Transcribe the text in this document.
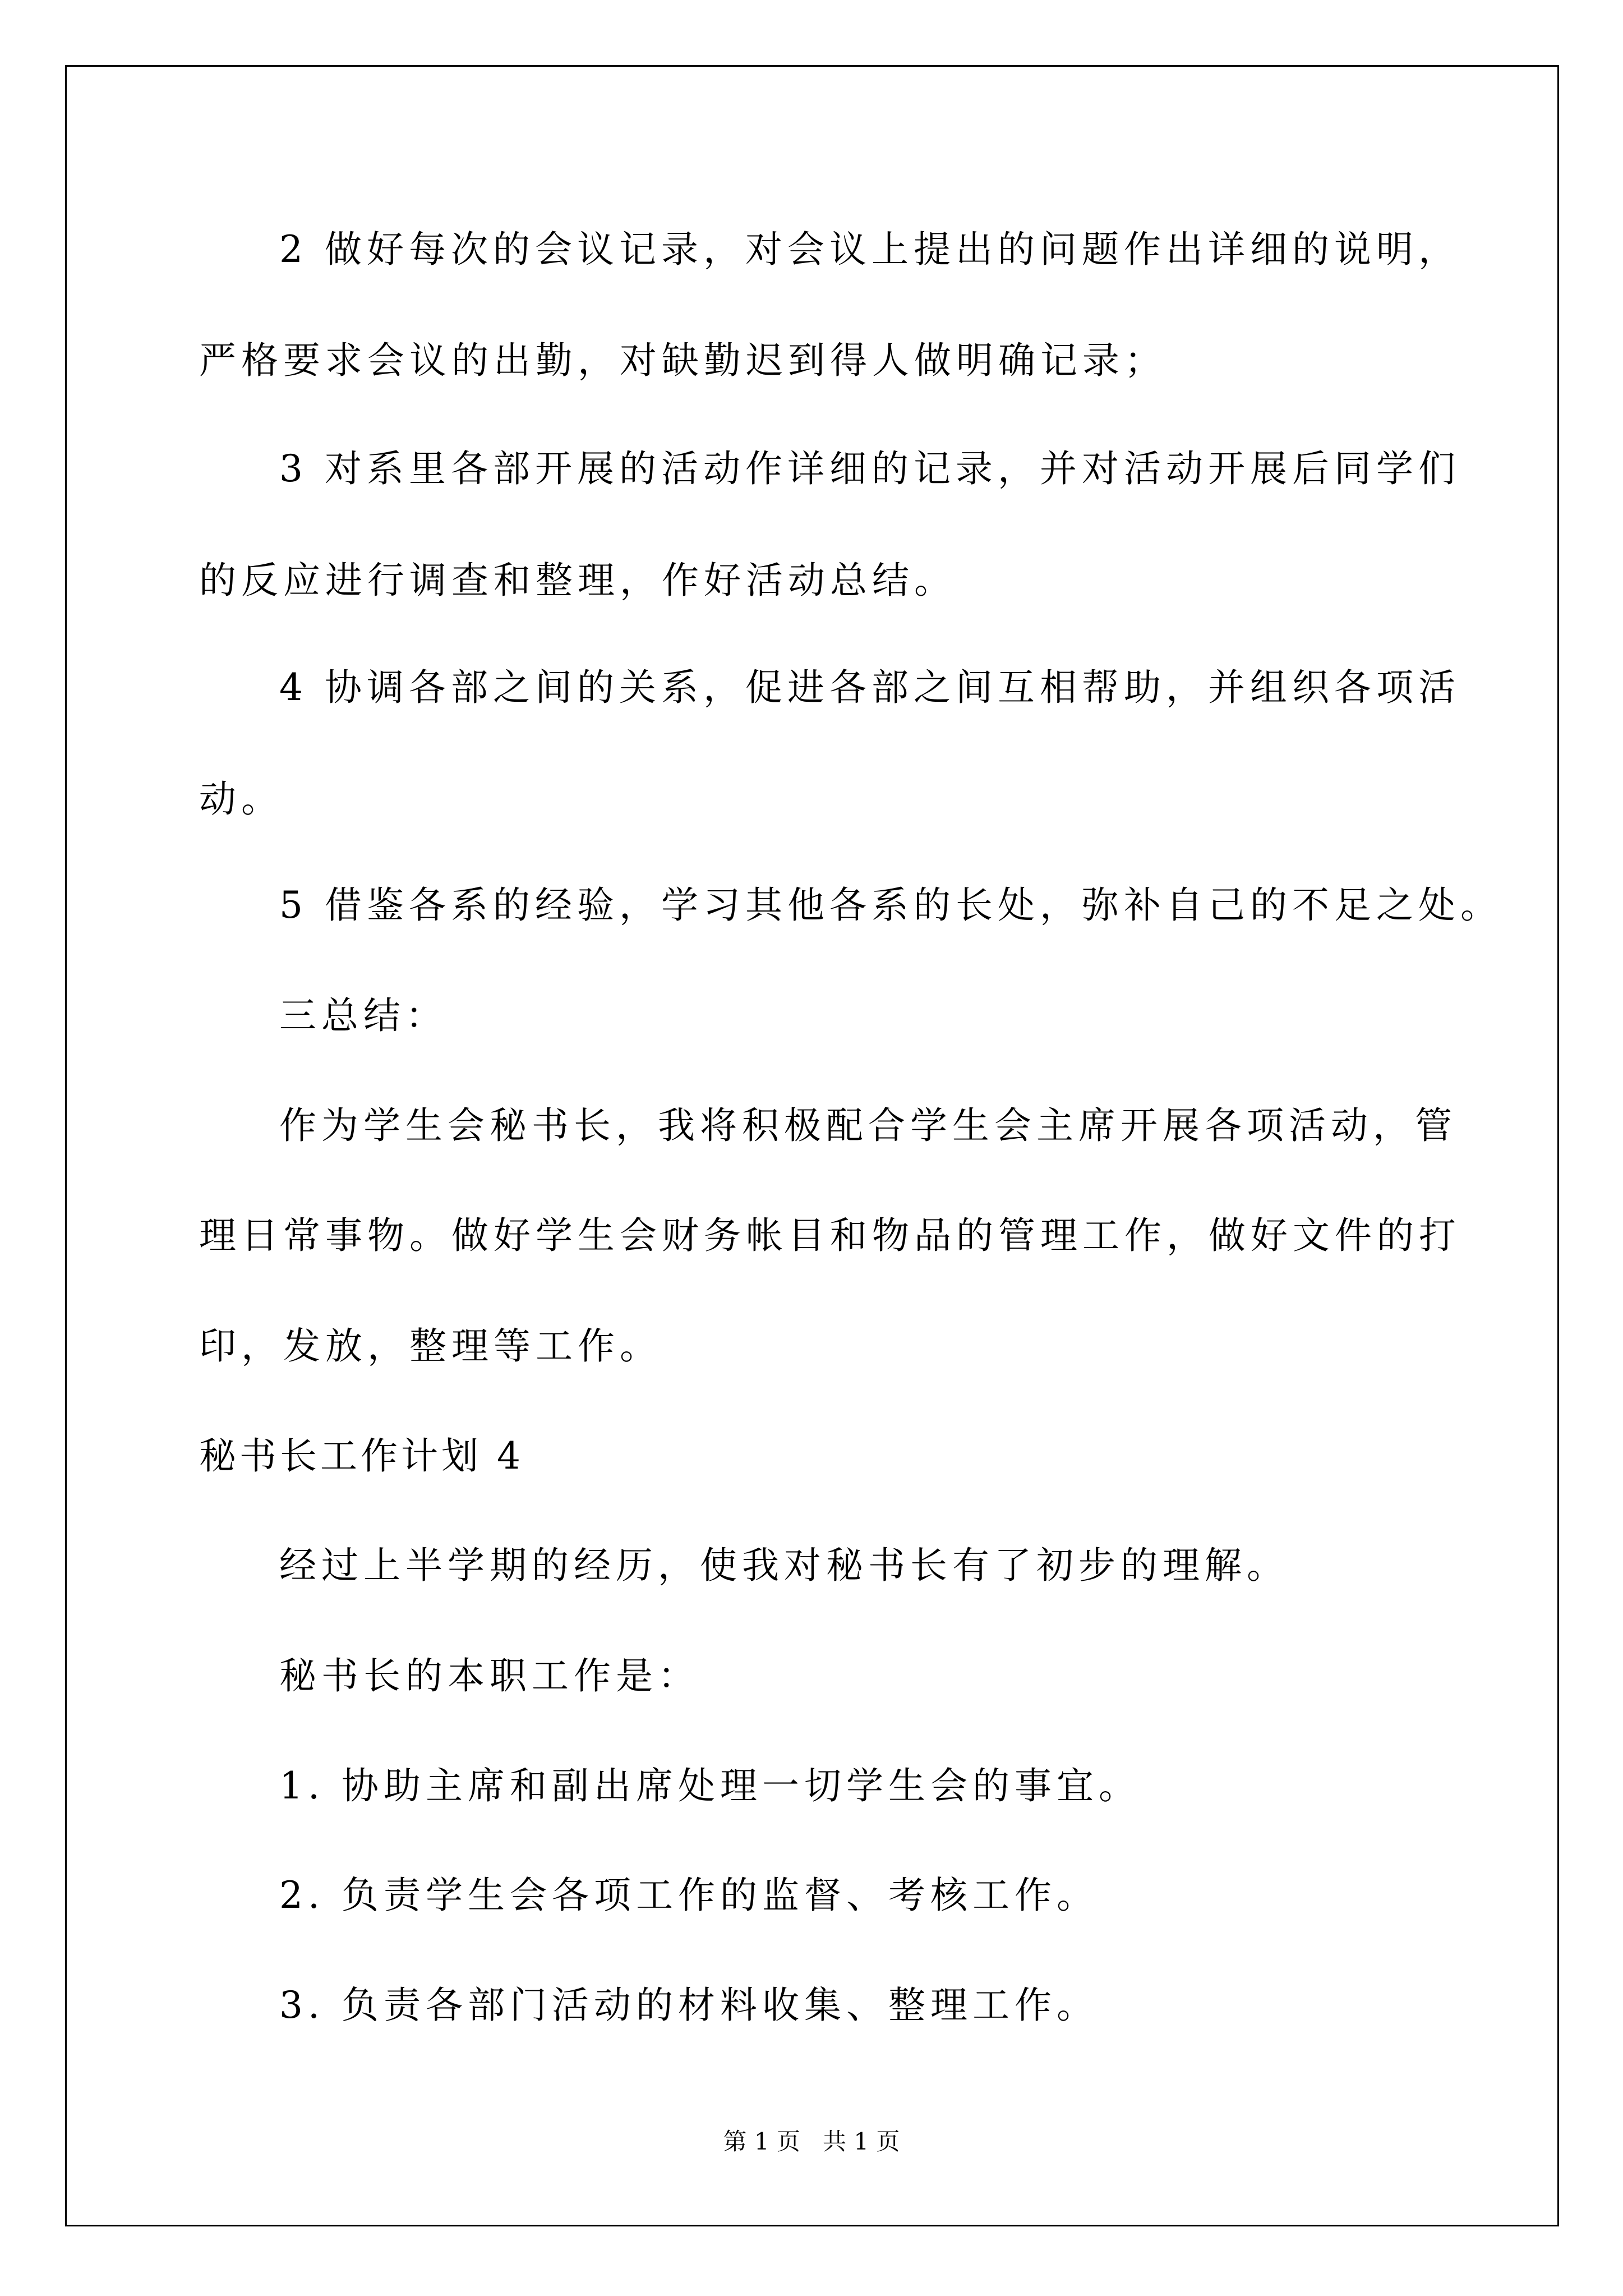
2 做好每次的会议记录，对会议上提出的问题作出详细的说明，
严格要求会议的出勤，对缺勤迟到得人做明确记录；
3 对系里各部开展的活动作详细的记录，并对活动开展后同学们
的反应进行调查和整理，作好活动总结。
4 协调各部之间的关系，促进各部之间互相帮助，并组织各项活
动。
5 借鉴各系的经验，学习其他各系的长处，弥补自己的不足之处。
三总结：
作为学生会秘书长，我将积极配合学生会主席开展各项活动，管
理日常事物。做好学生会财务帐目和物品的管理工作，做好文件的打
印，发放，整理等工作。
秘书长工作计划 4
经过上半学期的经历，使我对秘书长有了初步的理解。
秘书长的本职工作是：
1. 协助主席和副出席处理一切学生会的事宜。
2. 负责学生会各项工作的监督、考核工作。
3. 负责各部门活动的材料收集、整理工作。
第 1 页   共 1 页
